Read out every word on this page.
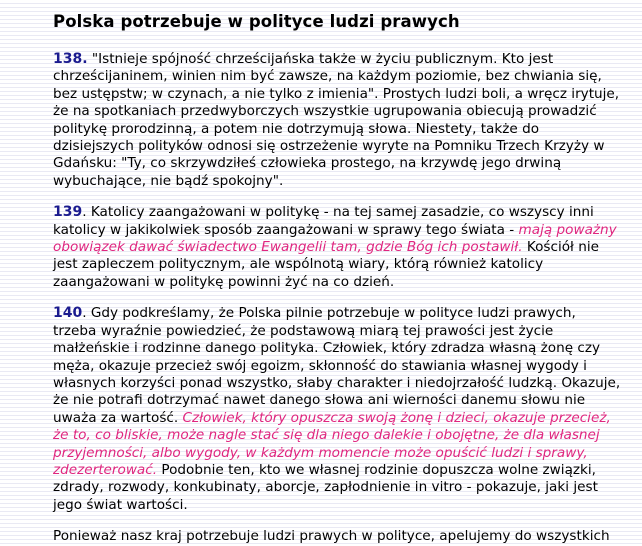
Polska potrzebuje w polityce ludzi prawych

138. "Istnieje spójność chrześcijańska także w życiu publicznym. Kto jest chrześcijaninem, winien nim być zawsze, na każdym poziomie, bez chwiania się, bez ustępstw; w czynach, a nie tylko z imienia". Prostych ludzi boli, a wręcz irytuje, że na spotkaniach przedwyborczych wszystkie ugrupowania obiecują prowadzić politykę prorodzinną, a potem nie dotrzymują słowa. Niestety, także do dzisiejszych polityków odnosi się ostrzeżenie wyryte na Pomniku Trzech Krzyży w Gdańsku: "Ty, co skrzywdziłeś człowieka prostego, na krzywdę jego drwiną wybuchające, nie bądź spokojny".

139. Katolicy zaangażowani w politykę - na tej samej zasadzie, co wszyscy inni katolicy w jakikolwiek sposób zaangażowani w sprawy tego świata - mają poważny obowiązek dawać świadectwo Ewangelii tam, gdzie Bóg ich postawił. Kościół nie jest zapleczem politycznym, ale wspólnotą wiary, którą również katolicy zaangażowani w politykę powinni żyć na co dzień.

140. Gdy podkreślamy, że Polska pilnie potrzebuje w polityce ludzi prawych, trzeba wyraźnie powiedzieć, że podstawową miarą tej prawości jest życie małżeńskie i rodzinne danego polityka. Człowiek, który zdradza własną żonę czy męża, okazuje przecież swój egoizm, skłonność do stawiania własnej wygody i własnych korzyści ponad wszystko, słaby charakter i niedojrzałość ludzką. Okazuje, że nie potrafi dotrzymać nawet danego słowa ani wierności danemu słowu nie uważa za wartość. Człowiek, który opuszcza swoją żonę i dzieci, okazuje przecież, że to, co bliskie, może nagle stać się dla niego dalekie i obojętne, że dla własnej przyjemności, albo wygody, w każdym momencie może opuścić ludzi i sprawy, zdezerterować. Podobnie ten, kto we własnej rodzinie dopuszcza wolne związki, zdrady, rozwody, konkubinaty, aborcje, zapłodnienie in vitro - pokazuje, jaki jest jego świat wartości.

Ponieważ nasz kraj potrzebuje ludzi prawych w polityce, apelujemy do wszystkich
